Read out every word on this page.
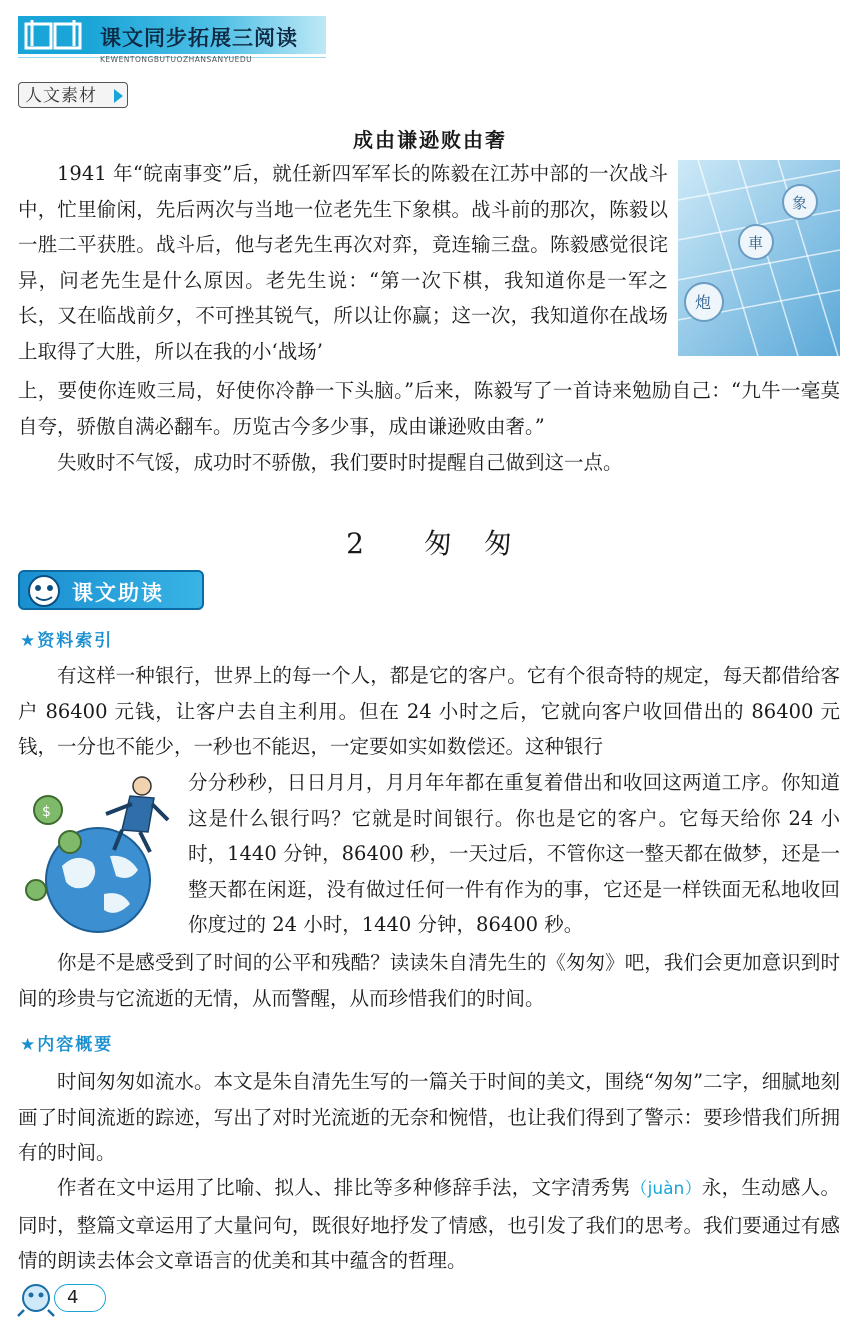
课文同步拓展三阅读
KEWENTONGBUTUOZHANSANYUEDU
人文素材
成由谦逊败由奢
象
車
炮

1941 年“皖南事变”后，就任新四军军长的陈毅在江苏中部的一次战斗中，忙里偷闲，先后两次与当地一位老先生下象棋。战斗前的那次，陈毅以一胜二平获胜。战斗后，他与老先生再次对弈，竟连输三盘。陈毅感觉很诧异，问老先生是什么原因。老先生说：“第一次下棋，我知道你是一军之长，又在临战前夕，不可挫其锐气，所以让你赢；这一次，我知道你在战场上取得了大胜，所以在我的小‘战场’

上，要使你连败三局，好使你冷静一下头脑。”后来，陈毅写了一首诗来勉励自己：“九牛一毫莫自夸，骄傲自满必翻车。历览古今多少事，成由谦逊败由奢。”

失败时不气馁，成功时不骄傲，我们要时时提醒自己做到这一点。

2 匆　匆
课文助读
★资料索引

有这样一种银行，世界上的每一个人，都是它的客户。它有个很奇特的规定，每天都借给客户 86400 元钱，让客户去自主利用。但在 24 小时之后，它就向客户收回借出的 86400 元钱，一分也不能少，一秒也不能迟，一定要如实如数偿还。这种银行

$

分分秒秒，日日月月，月月年年都在重复着借出和收回这两道工序。你知道这是什么银行吗？它就是时间银行。你也是它的客户。它每天给你 24 小时，1440 分钟，86400 秒，一天过后，不管你这一整天都在做梦，还是一整天都在闲逛，没有做过任何一件有作为的事，它还是一样铁面无私地收回你度过的 24 小时，1440 分钟，86400 秒。

你是不是感受到了时间的公平和残酷？读读朱自清先生的《匆匆》吧，我们会更加意识到时间的珍贵与它流逝的无情，从而警醒，从而珍惜我们的时间。

★内容概要

时间匆匆如流水。本文是朱自清先生写的一篇关于时间的美文，围绕“匆匆”二字，细腻地刻画了时间流逝的踪迹，写出了对时光流逝的无奈和惋惜，也让我们得到了警示：要珍惜我们所拥有的时间。

作者在文中运用了比喻、拟人、排比等多种修辞手法，文字清秀隽（juàn）永，生动感人。同时，整篇文章运用了大量问句，既很好地抒发了情感，也引发了我们的思考。我们要通过有感情的朗读去体会文章语言的优美和其中蕴含的哲理。

4
